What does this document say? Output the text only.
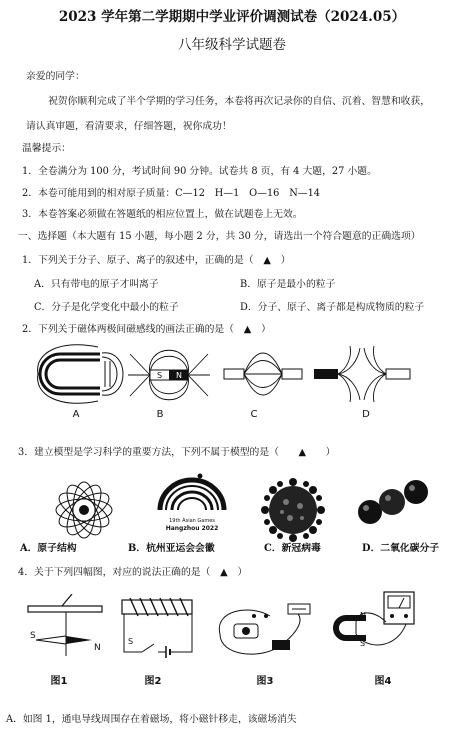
2023 学年第二学期期中学业评价调测试卷（2024.05）
八年级科学试题卷
亲爱的同学：
祝贺你顺利完成了半个学期的学习任务，本卷将再次记录你的自信、沉着、智慧和收获，
请认真审题，看清要求，仔细答题，祝你成功！
温馨提示：
1．全卷满分为 100 分，考试时间 90 分钟。试卷共 8 页，有 4 大题，27 小题。
2．本卷可能用到的相对原子质量：C—12　H—1　O—16　N—14
3．本卷答案必须做在答题纸的相应位置上，做在试题卷上无效。
一、选择题（本大题有 15 小题，每小题 2 分，共 30 分，请选出一个符合题意的正确选项）
1．下列关于分子、原子、离子的叙述中，正确的是（　▲　）
A．只有带电的原子才叫离子	B．原子是最小的粒子
C．分子是化学变化中最小的粒子	D．分子、原子、离子都是构成物质的粒子
2．下列关于磁体两极间磁感线的画法正确的是（　▲　）
A
S N
B	C	D
3．建立模型是学习科学的重要方法，下列不属于模型的是（　　▲　　）
19th Asian Games
Hangzhou 2022
A．原子结构	B．杭州亚运会会徽	C．新冠病毒	D．二氧化碳分子
4．关于下列四幅图，对应的说法正确的是（　▲　）
S
N
图1
S
图2	图3
N
S
图4
A．如图 1，通电导线周围存在着磁场，将小磁针移走，该磁场消失
